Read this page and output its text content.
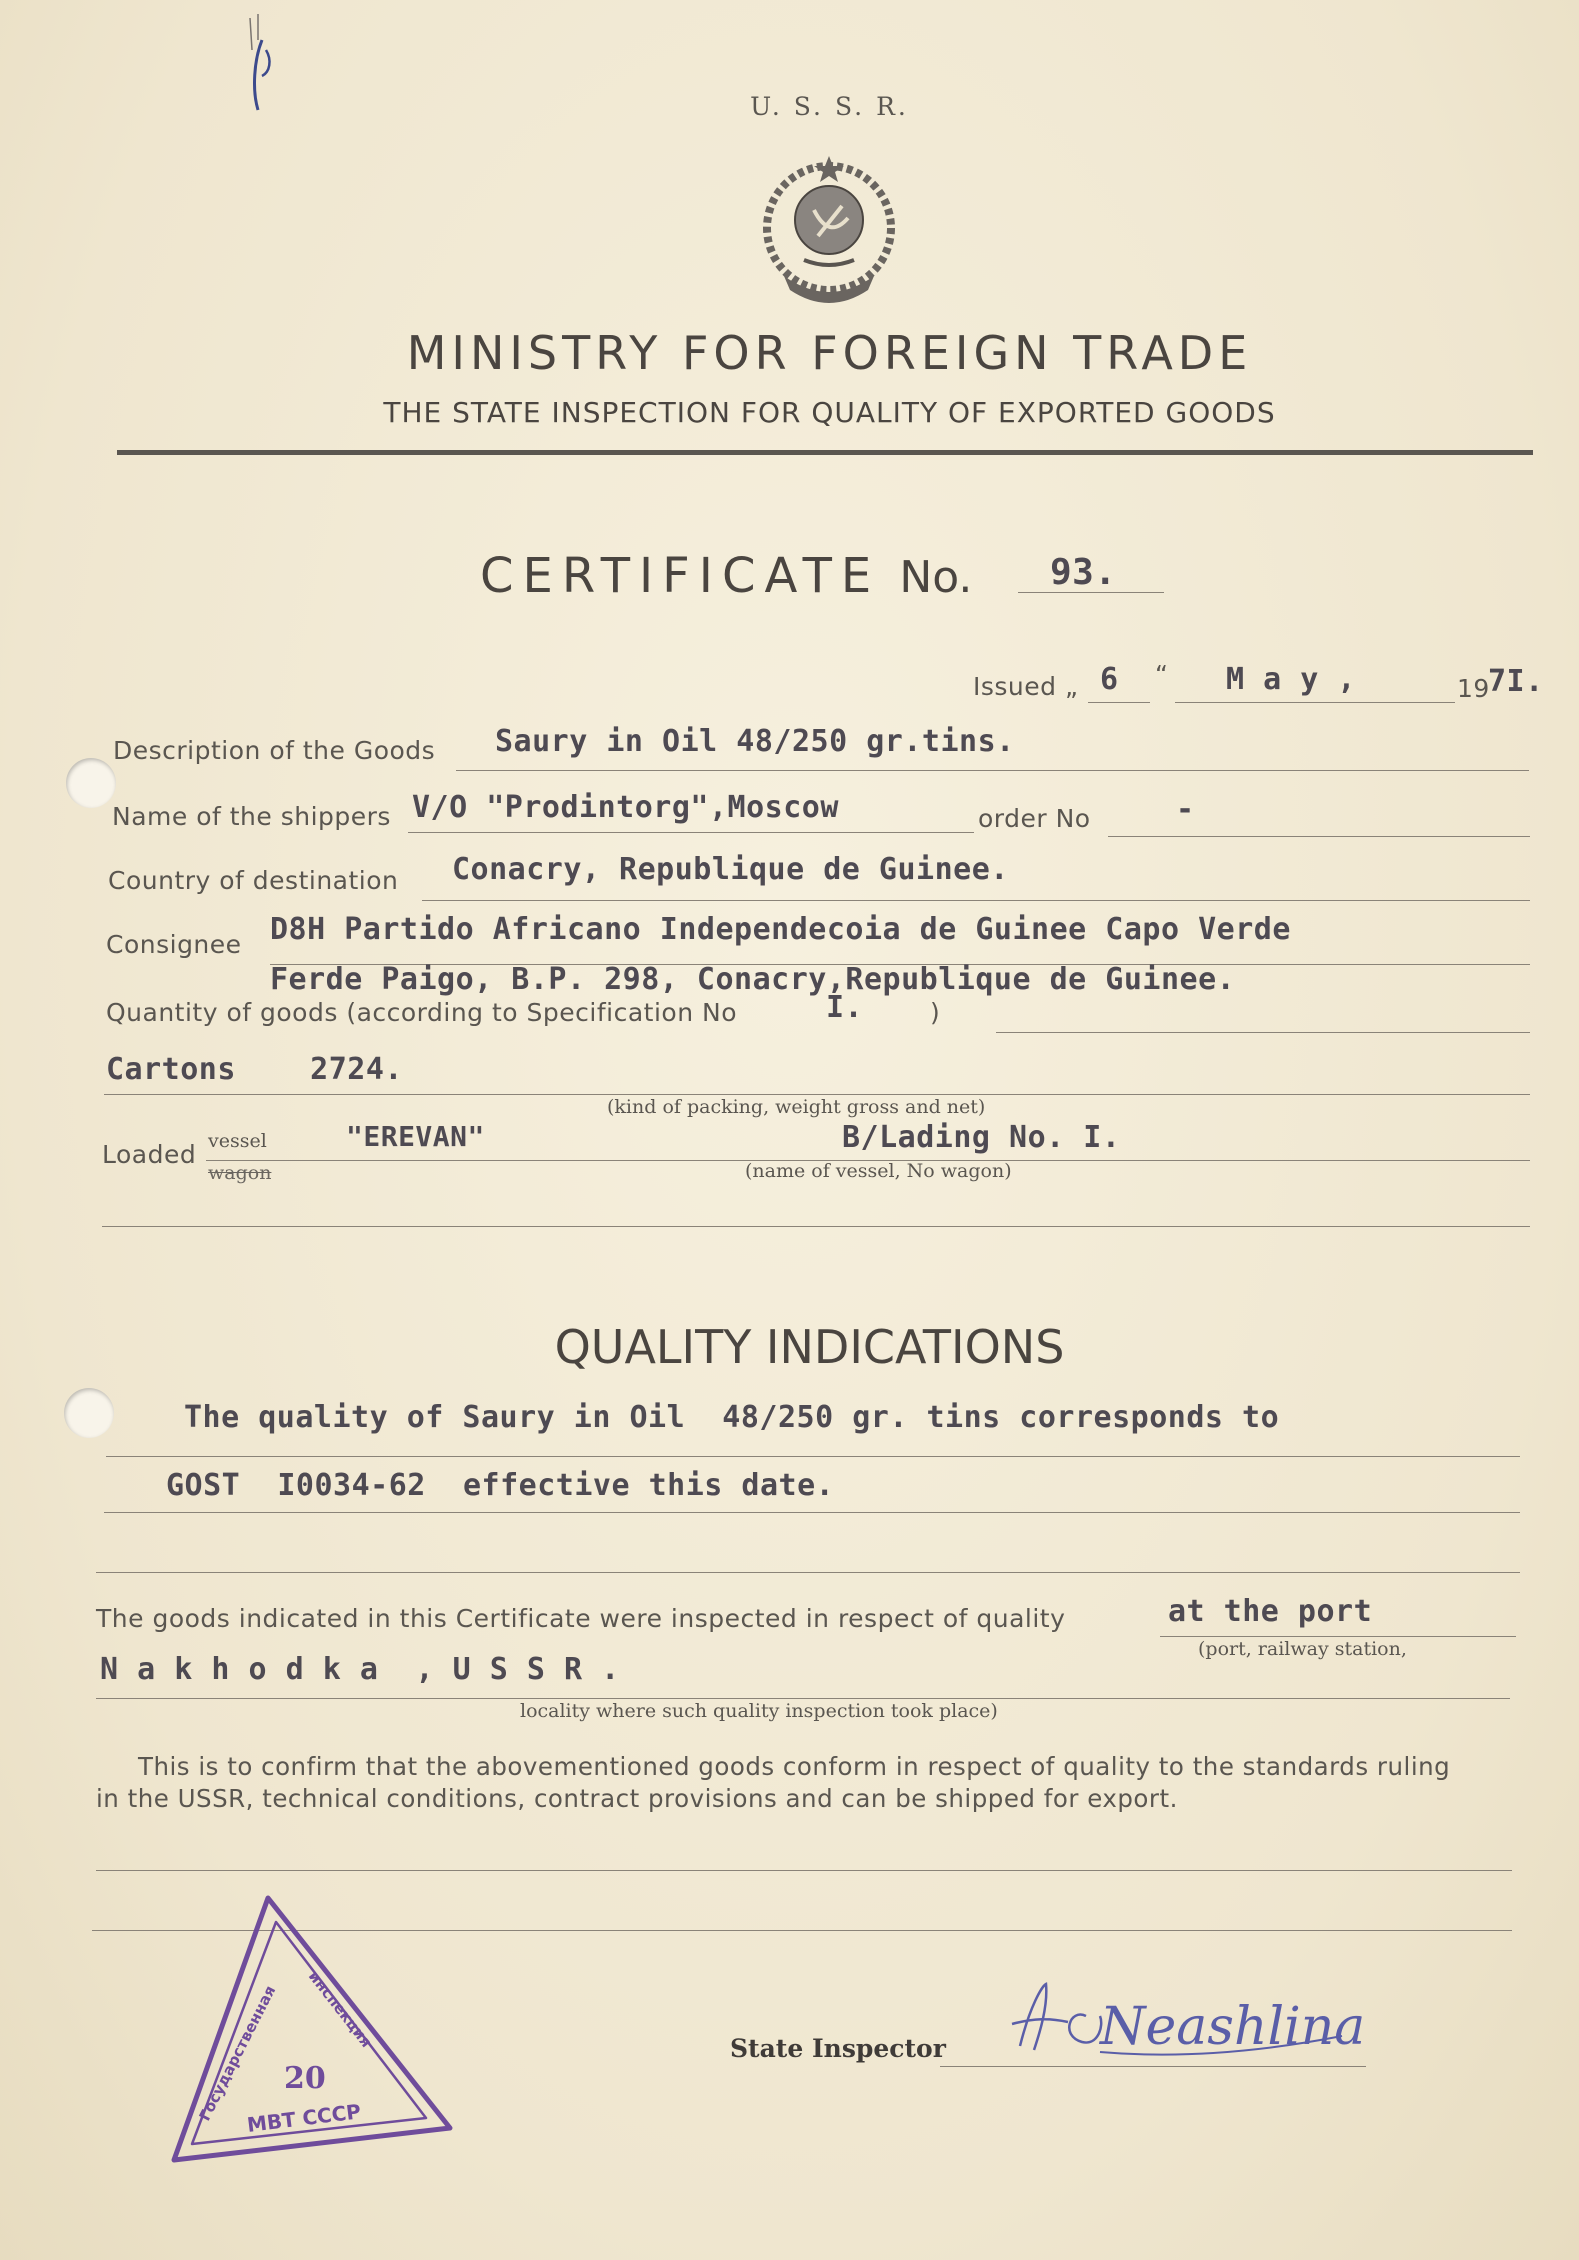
U. S. S. R.
MINISTRY FOR FOREIGN TRADE
THE STATE INSPECTION FOR QUALITY OF EXPORTED GOODS
CERTIFICATE No. 93.
Issued „ 6 “ M a y ,	19
7I.
Description of the Goods Saury in Oil 48/250 gr.tins.
Name of the shippers V/O "Prodintorg",Moscow	order No	-
Country of destination Conacry, Republique de Guinee.
Consignee D8H Partido Africano Independecoia de Guinee Capo Verde
Ferde Paigo, B.P. 298, Conacry,Republique de Guinee.
Quantity of goods (according to Specification No	I.	)
Cartons    2724.
(kind of packing, weight gross and net)
Loaded vessel
wagon
"EREVAN"	B/Lading No. I.
(name of vessel, No wagon)
QUALITY INDICATIONS
The quality of Saury in Oil  48/250 gr. tins corresponds to
GOST  I0034-62  effective this date.
The goods indicated in this Certificate were inspected in respect of quality	at the port
(port, railway station,
N a k h o d k a  , U S S R .
locality where such quality inspection took place)
This is to confirm that the abovementioned goods conform in respect of quality to the standards ruling
in the USSR, technical conditions, contract provisions and can be shipped for export.
Государственная инспекция
20
МВТ СССР
State Inspector	Neashlina
